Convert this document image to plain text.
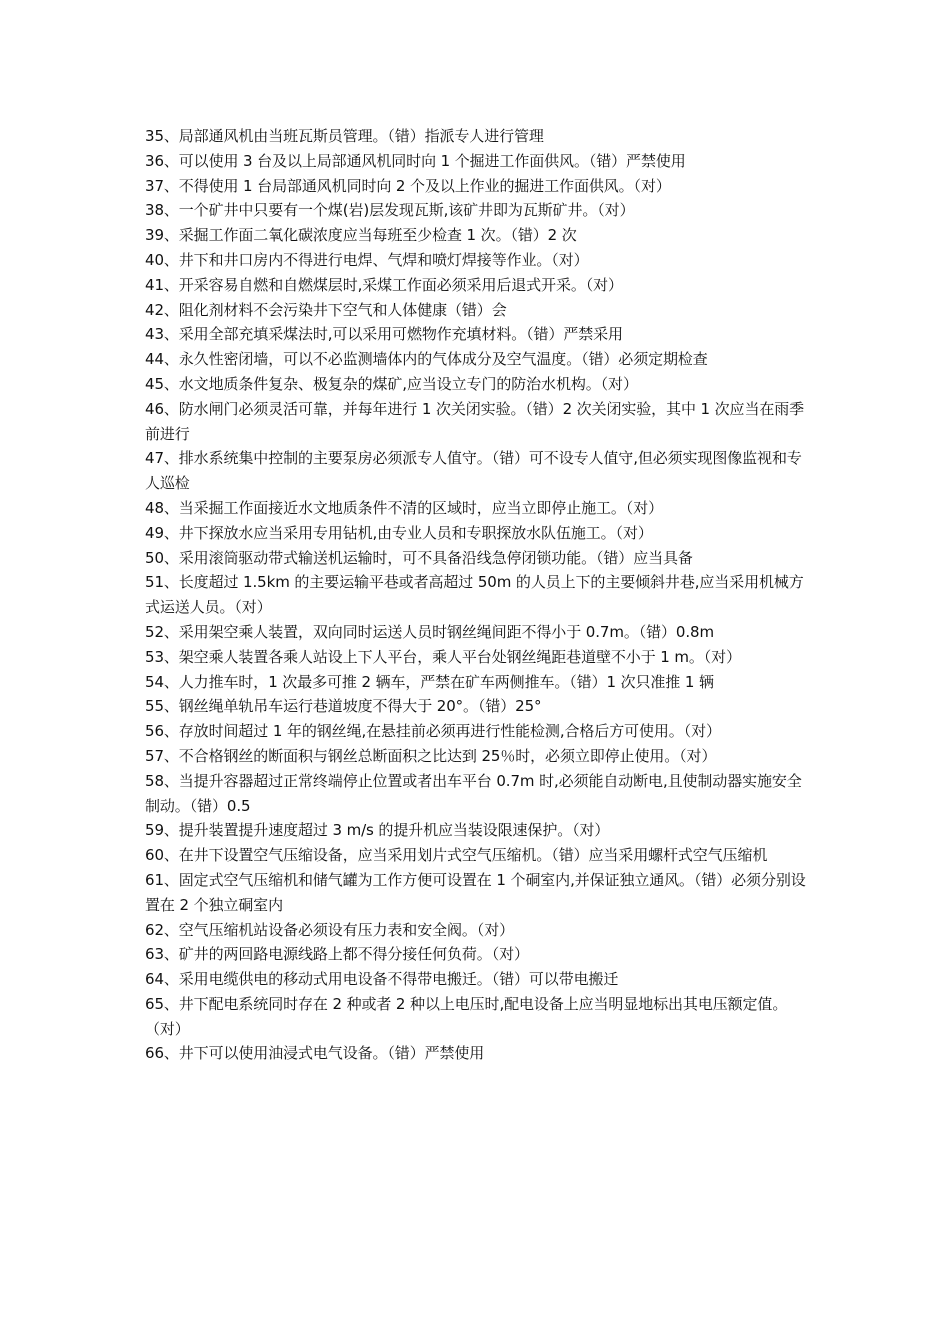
35、局部通风机由当班瓦斯员管理。（错）指派专人进行管理

36、可以使用 3 台及以上局部通风机同时向 1 个掘进工作面供风。（错）严禁使用

37、不得使用 1 台局部通风机同时向 2 个及以上作业的掘进工作面供风。（对）

38、一个矿井中只要有一个煤(岩)层发现瓦斯,该矿井即为瓦斯矿井。（对）

39、采掘工作面二氧化碳浓度应当每班至少检查 1 次。（错）2 次

40、井下和井口房内不得进行电焊、气焊和喷灯焊接等作业。（对）

41、开采容易自燃和自燃煤层时,采煤工作面必须采用后退式开采。（对）

42、阻化剂材料不会污染井下空气和人体健康（错）会

43、采用全部充填采煤法时,可以采用可燃物作充填材料。（错）严禁采用

44、永久性密闭墙，可以不必监测墙体内的气体成分及空气温度。（错）必须定期检查

45、水文地质条件复杂、极复杂的煤矿,应当设立专门的防治水机构。（对）

46、防水闸门必须灵活可靠，并每年进行 1 次关闭实验。（错）2 次关闭实验，其中 1 次应当在雨季前进行

47、排水系统集中控制的主要泵房必须派专人值守。（错）可不设专人值守,但必须实现图像监视和专人巡检

48、当采掘工作面接近水文地质条件不清的区域时，应当立即停止施工。（对）

49、井下探放水应当采用专用钻机,由专业人员和专职探放水队伍施工。（对）

50、采用滚筒驱动带式输送机运输时，可不具备沿线急停闭锁功能。（错）应当具备

51、长度超过 1.5km 的主要运输平巷或者高超过 50m 的人员上下的主要倾斜井巷,应当采用机械方式运送人员。（对）

52、采用架空乘人装置，双向同时运送人员时钢丝绳间距不得小于 0.7m。（错）0.8m

53、架空乘人装置各乘人站设上下人平台，乘人平台处钢丝绳距巷道壁不小于 1 m。（对）

54、人力推车时，1 次最多可推 2 辆车，严禁在矿车两侧推车。（错）1 次只准推 1 辆

55、钢丝绳单轨吊车运行巷道坡度不得大于 20°。（错）25°

56、存放时间超过 1 年的钢丝绳,在悬挂前必须再进行性能检测,合格后方可使用。（对）

57、不合格钢丝的断面积与钢丝总断面积之比达到 25％时，必须立即停止使用。（对）

58、当提升容器超过正常终端停止位置或者出车平台 0.7m 时,必须能自动断电,且使制动器实施安全制动。（错）0.5

59、提升装置提升速度超过 3 m/s 的提升机应当装设限速保护。（对）

60、在井下设置空气压缩设备，应当采用划片式空气压缩机。（错）应当采用螺杆式空气压缩机

61、固定式空气压缩机和储气罐为工作方便可设置在 1 个硐室内,并保证独立通风。（错）必须分别设置在 2 个独立硐室内

62、空气压缩机站设备必须设有压力表和安全阀。（对）

63、矿井的两回路电源线路上都不得分接任何负荷。（对）

64、采用电缆供电的移动式用电设备不得带电搬迁。（错）可以带电搬迁

65、井下配电系统同时存在 2 种或者 2 种以上电压时,配电设备上应当明显地标出其电压额定值。（对）

66、井下可以使用油浸式电气设备。（错）严禁使用
